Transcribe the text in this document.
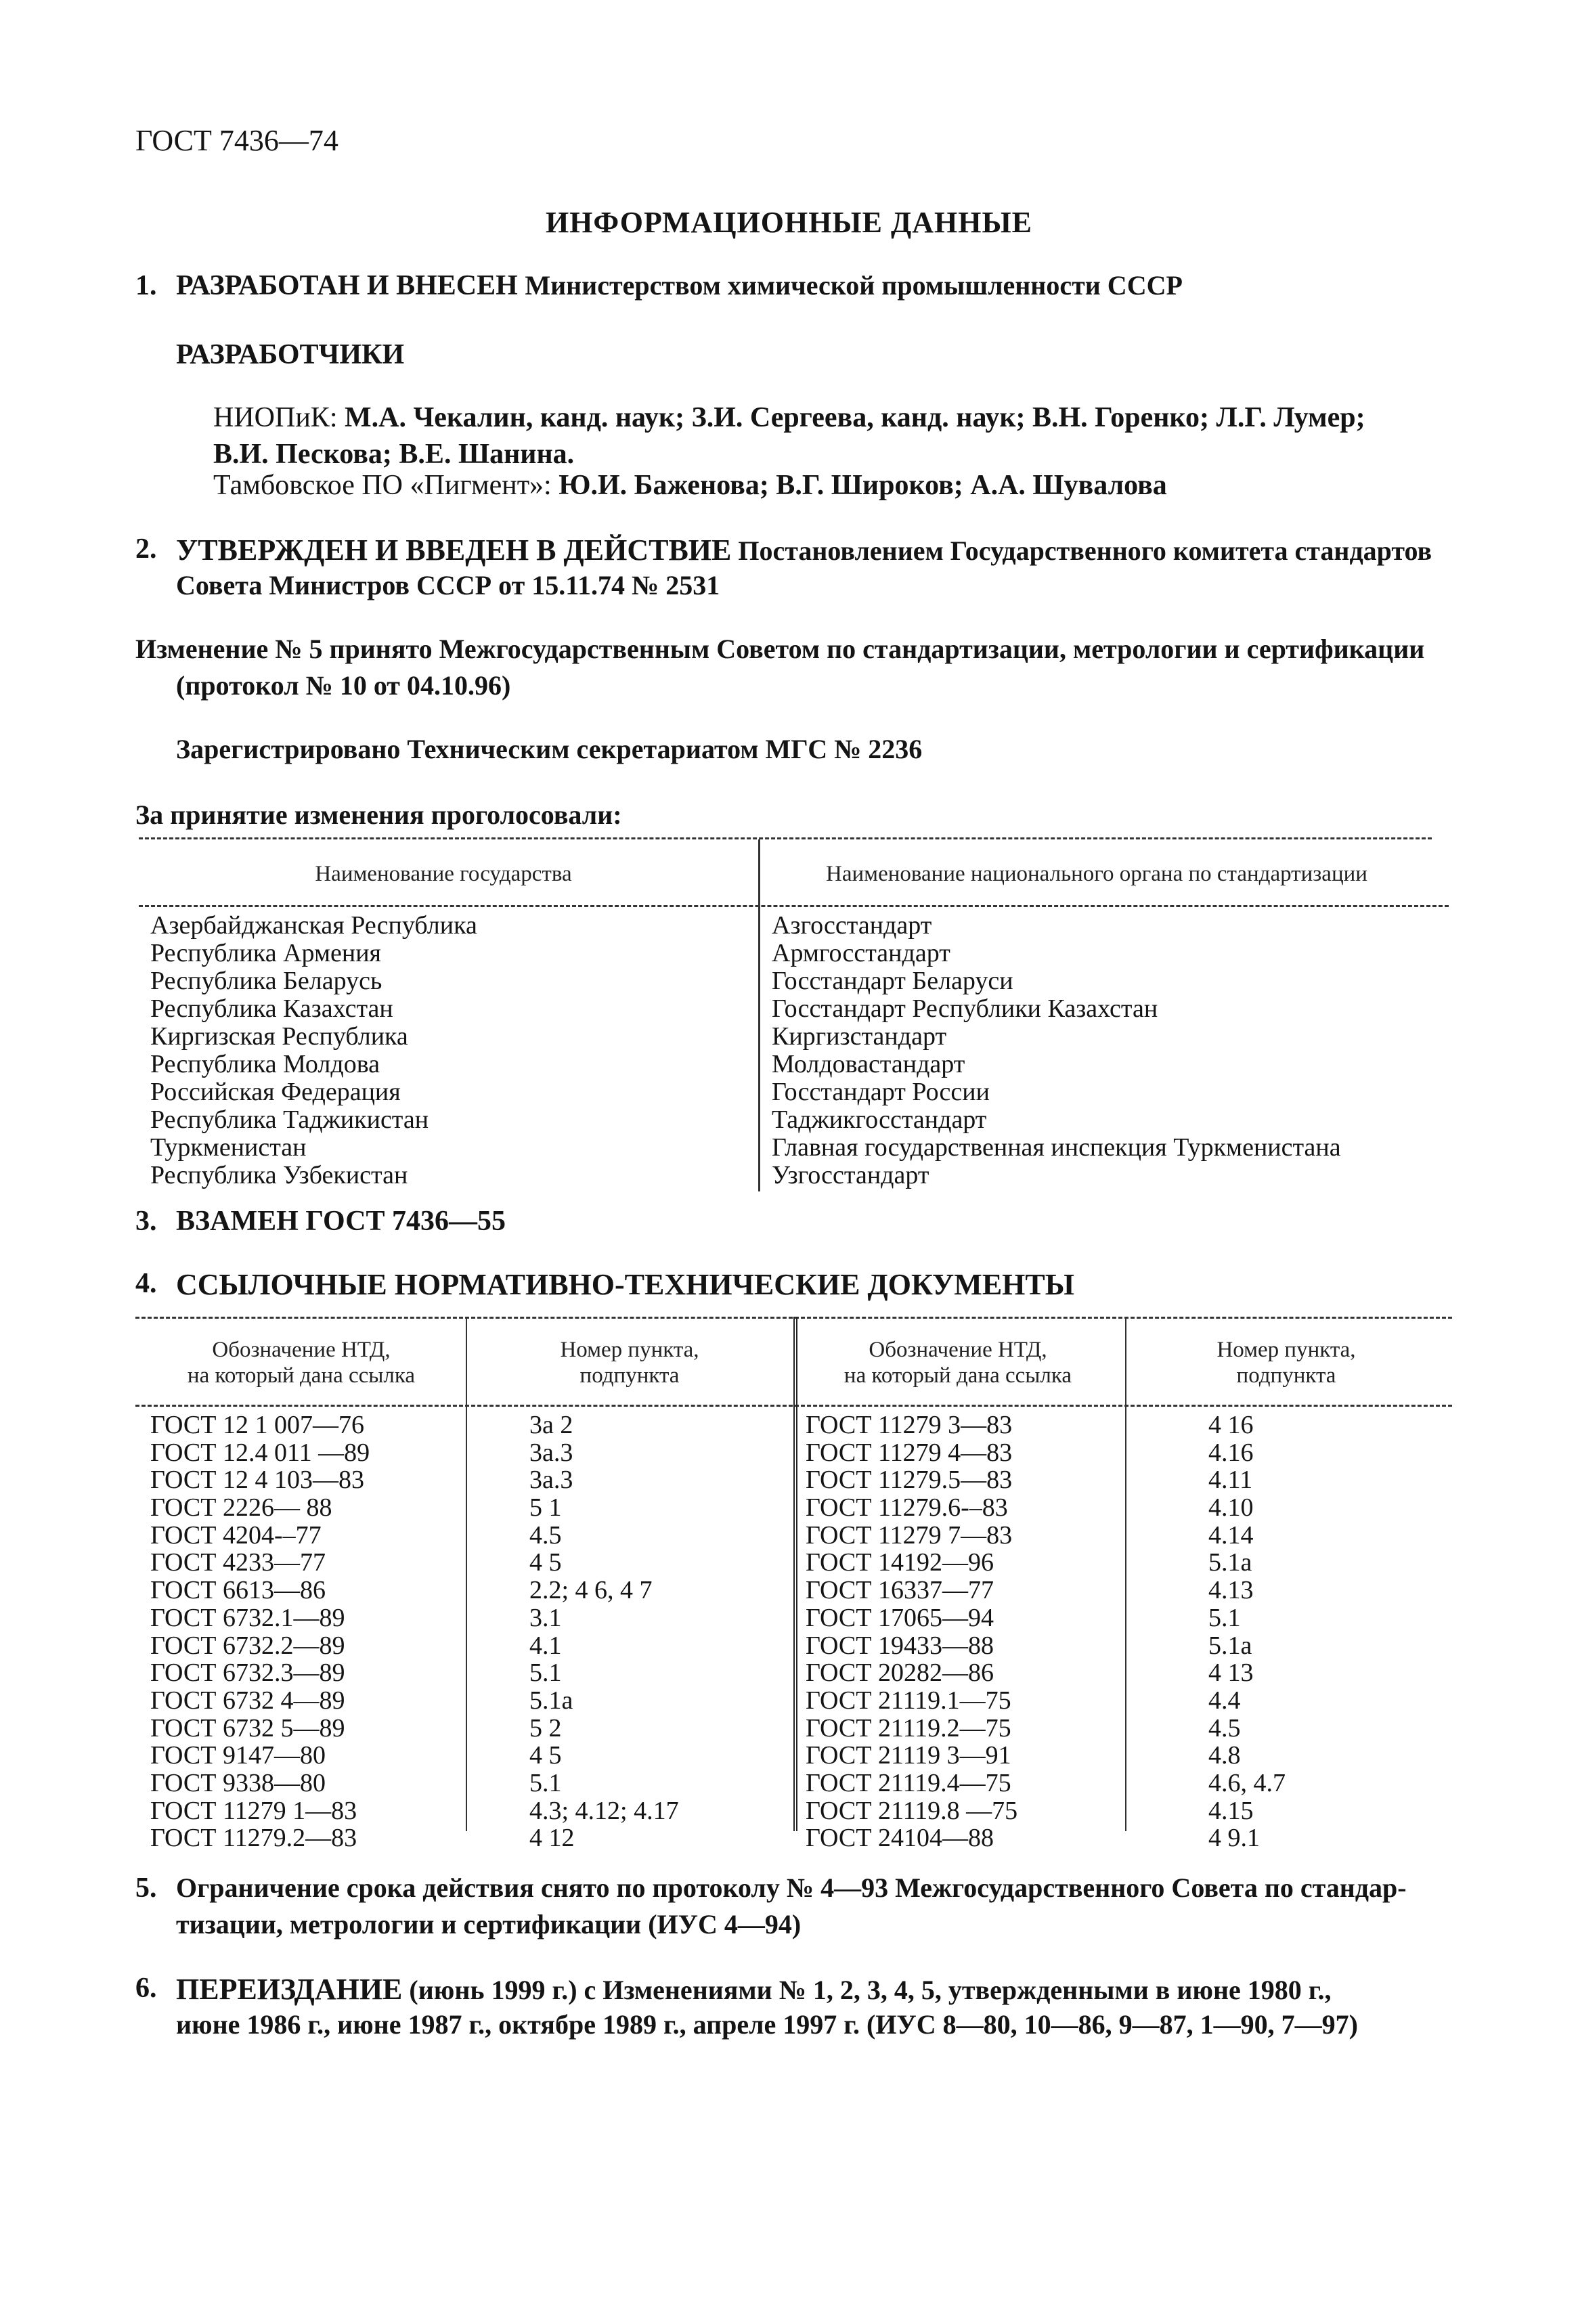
ГОСТ 7436—74
ИНФОРМАЦИОННЫЕ ДАННЫЕ
1. РАЗРАБОТАН И ВНЕСЕН Министерством химической промышленности СССР
РАЗРАБОТЧИКИ
НИОПиК: М.А. Чекалин, канд. наук; З.И. Сергеева, канд. наук; В.Н. Горенко; Л.Г. Лумер;
В.И. Пескова; В.Е. Шанина.
Тамбовское ПО «Пигмент»: Ю.И. Баженова; В.Г. Широков; А.А. Шувалова
2. УТВЕРЖДЕН И ВВЕДЕН В ДЕЙСТВИЕ Постановлением Государственного комитета стандартов
Совета Министров СССР от 15.11.74 № 2531
Изменение № 5 принято Межгосударственным Советом по стандартизации, метрологии и сертификации
(протокол № 10 от 04.10.96)
Зарегистрировано Техническим секретариатом МГС № 2236
За принятие изменения проголосовали:
Наименование государства	Наименование национального органа по стандартизации
Азербайджанская Республика
Республика Армения
Республика Беларусь
Республика Казахстан
Киргизская Республика
Республика Молдова
Российская Федерация
Республика Таджикистан
Туркменистан
Республика Узбекистан
Азгосстандарт
Армгосстандарт
Госстандарт Беларуси
Госстандарт Республики Казахстан
Киргизстандарт
Молдовастандарт
Госстандарт России
Таджикгосстандарт
Главная государственная инспекция Туркменистана
Узгосстандарт
3. ВЗАМЕН ГОСТ 7436—55
4. ССЫЛОЧНЫЕ НОРМАТИВНО-ТЕХНИЧЕСКИЕ ДОКУМЕНТЫ
Обозначение НТД,
на который дана ссылка
Номер пункта,
подпункта
Обозначение НТД,
на который дана ссылка
Номер пункта,
подпункта
ГОСТ 12 1 007—76
ГОСТ 12.4 011 —89
ГОСТ 12 4 103—83
ГОСТ 2226— 88
ГОСТ 4204-–77
ГОСТ 4233—77
ГОСТ 6613—86
ГОСТ 6732.1—89
ГОСТ 6732.2—89
ГОСТ 6732.3—89
ГОСТ 6732 4—89
ГОСТ 6732 5—89
ГОСТ 9147—80
ГОСТ 9338—80
ГОСТ 11279 1—83
ГОСТ 11279.2—83
3а 2
3а.3
3а.3
5 1
4.5
4 5
2.2; 4 6, 4 7
3.1
4.1
5.1
5.1а
5 2
4 5
5.1
4.3; 4.12; 4.17
4 12
ГОСТ 11279 3—83
ГОСТ 11279 4—83
ГОСТ 11279.5—83
ГОСТ 11279.6-–83
ГОСТ 11279 7—83
ГОСТ 14192—96
ГОСТ 16337—77
ГОСТ 17065—94
ГОСТ 19433—88
ГОСТ 20282—86
ГОСТ 21119.1—75
ГОСТ 21119.2—75
ГОСТ 21119 3—91
ГОСТ 21119.4—75
ГОСТ 21119.8 —75
ГОСТ 24104—88
4 16
4.16
4.11
4.10
4.14
5.1а
4.13
5.1
5.1а
4 13
4.4
4.5
4.8
4.6, 4.7
4.15
4 9.1
5. Ограничение срока действия снято по протоколу № 4—93 Межгосударственного Совета по стандар-
тизации, метрологии и сертификации (ИУС 4—94)
6. ПЕРЕИЗДАНИЕ (июнь 1999 г.) с Изменениями № 1, 2, 3, 4, 5, утвержденными в июне 1980 г.,
июне 1986 г., июне 1987 г., октябре 1989 г., апреле 1997 г. (ИУС 8—80, 10—86, 9—87, 1—90, 7—97)
